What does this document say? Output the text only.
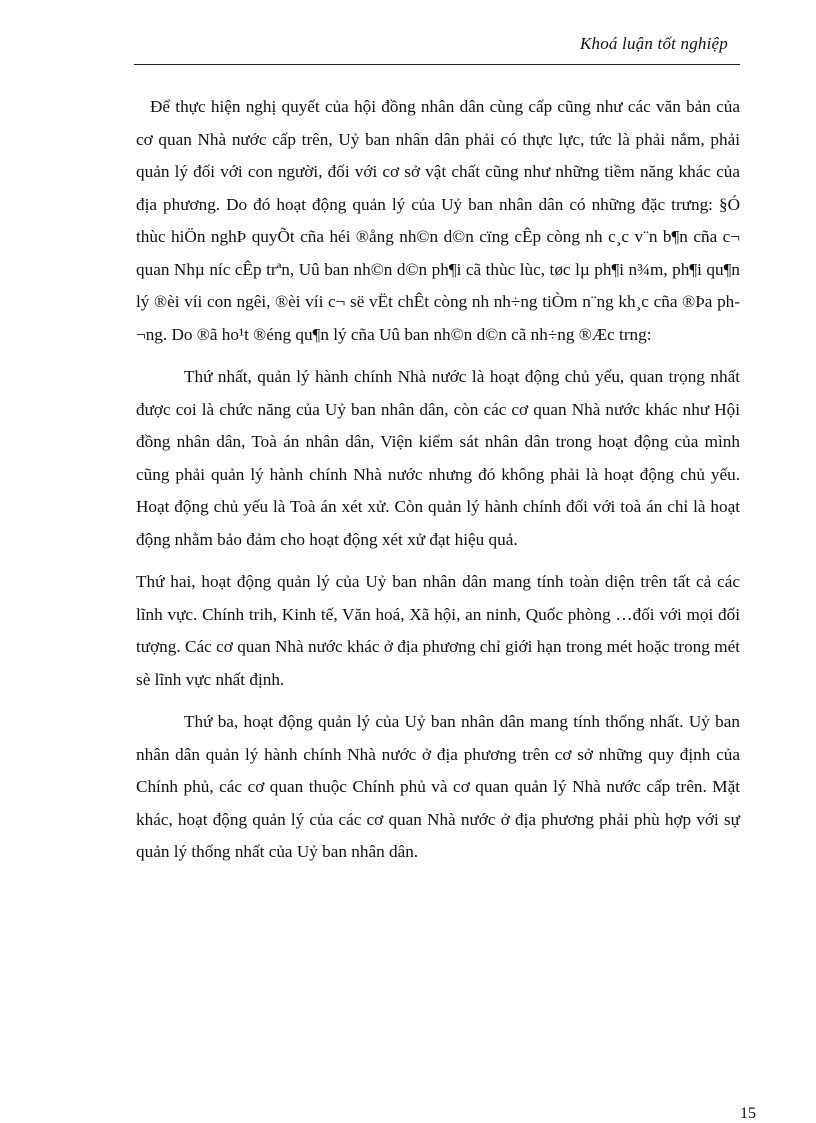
Khoá luận tốt nghiệp

Để thực hiện nghị quyết của hội đồng nhân dân cùng cấp cũng như các văn bản của cơ quan Nhà nước cấp trên, Uỷ ban nhân dân phải có thực lực, tức là phải nắm, phải quản lý đối với con người, đối với cơ sở vật chất cũng như những tiềm năng khác của địa phương. Do đó hoạt động quản lý của Uỷ ban nhân dân có những đặc trưng: §Ó thùc hiÖn nghÞ quyÕt cña héi ®ång nh©n d©n cïng cÊp còng nh c¸c v¨n b¶n cña c¬ quan Nhµ níc cÊp trªn, Uû ban nh©n d©n ph¶i cã thùc lùc, tøc lµ ph¶i n¾m, ph¶i qu¶n lý ®èi víi con ngêi, ®èi víi c¬ së vËt chÊt còng nh nh÷ng tiÒm n¨ng kh¸c cña ®Þa ph¬ng. Do ®ã ho¹t ®éng qu¶n lý cña Uû ban nh©n d©n cã nh÷ng ®Æc trng:

Thứ nhất, quản lý hành chính Nhà nước là hoạt động chủ yếu, quan trọng nhất được coi là chức năng của Uỷ ban nhân dân, còn các cơ quan Nhà nước khác như Hội đồng nhân dân, Toà án nhân dân, Viện kiểm sát nhân dân trong hoạt động của mình cũng phải quản lý hành chính Nhà nước nhưng đó không phải là hoạt động chủ yếu. Hoạt động chủ yếu là Toà án xét xử. Còn quản lý hành chính đối với toà án chỉ là hoạt động nhằm bảo đảm cho hoạt động xét xử đạt hiệu quả.

Thứ hai, hoạt động quản lý của Uỷ ban nhân dân mang tính toàn diện trên tất cả các lĩnh vực. Chính trih, Kinh tế, Văn hoá, Xã hội, an ninh, Quốc phòng …đối với mọi đối tượng. Các cơ quan Nhà nước khác ở địa phương chỉ giới hạn trong mét hoặc trong mét sè lĩnh vực nhất định.

Thứ ba, hoạt động quản lý của Uỷ ban nhân dân mang tính thống nhất. Uỷ ban nhân dân quản lý hành chính Nhà nước ở địa phương trên cơ sở những quy định của Chính phủ, các cơ quan thuộc Chính phủ và cơ quan quản lý Nhà nước cấp trên. Mặt khác, hoạt động quản lý của các cơ quan Nhà nước ở địa phương phải phù hợp với sự quản lý thống nhất của Uỷ ban nhân dân.

15
